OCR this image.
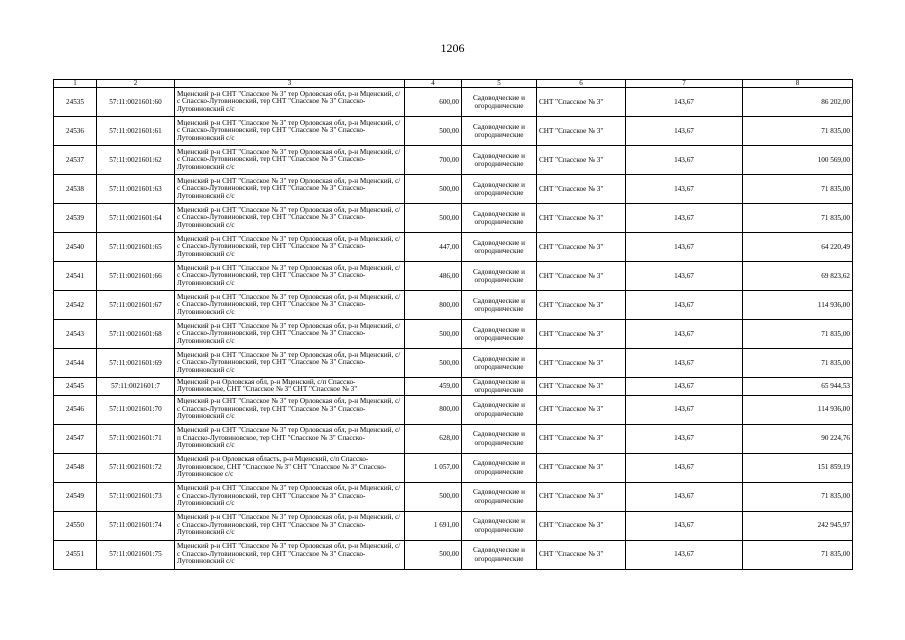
1206
1	2	3	4	5	6	7	8
24535	57:11:0021601:60	Мценский р-н СНТ "Спасское № 3" тер Орловская обл, р-н Мценский, с/с Спасско-Лутовиновский, тер СНТ "Спасское № 3" Спасско-Лутовиновский с/с	600,00	Садоводческие и огороднические	СНТ "Спасское № 3"	143,67	86 202,00
24536	57:11:0021601:61	Мценский р-н СНТ "Спасское № 3" тер Орловская обл, р-н Мценский, с/с Спасско-Лутовиновский, тер СНТ "Спасское № 3" Спасско-Лутовиновский с/с	500,00	Садоводческие и огороднические	СНТ "Спасское № 3"	143,67	71 835,00
24537	57:11:0021601:62	Мценский р-н СНТ "Спасское № 3" тер Орловская обл, р-н Мценский, с/с Спасско-Лутовиновский, тер СНТ "Спасское № 3" Спасско-Лутовиновский с/с	700,00	Садоводческие и огороднические	СНТ "Спасское № 3"	143,67	100 569,00
24538	57:11:0021601:63	Мценский р-н СНТ "Спасское № 3" тер Орловская обл, р-н Мценский, с/с Спасско-Лутовиновский, тер СНТ "Спасское № 3" Спасско-Лутовиновский с/с	500,00	Садоводческие и огороднические	СНТ "Спасское № 3"	143,67	71 835,00
24539	57:11:0021601:64	Мценский р-н СНТ "Спасское № 3" тер Орловская обл, р-н Мценский, с/с Спасско-Лутовиновский, тер СНТ "Спасское № 3" Спасско-Лутовиновский с/с	500,00	Садоводческие и огороднические	СНТ "Спасское № 3"	143,67	71 835,00
24540	57:11:0021601:65	Мценский р-н СНТ "Спасское № 3" тер Орловская обл, р-н Мценский, с/с Спасско-Лутовиновский, тер СНТ "Спасское № 3" Спасско-Лутовиновский с/с	447,00	Садоводческие и огороднические	СНТ "Спасское № 3"	143,67	64 220,49
24541	57:11:0021601:66	Мценский р-н СНТ "Спасское № 3" тер Орловская обл, р-н Мценский, с/с Спасско-Лутовиновский, тер СНТ "Спасское № 3" Спасско-Лутовиновский с/с	486,00	Садоводческие и огороднические	СНТ "Спасское № 3"	143,67	69 823,62
24542	57:11:0021601:67	Мценский р-н СНТ "Спасское № 3" тер Орловская обл, р-н Мценский, с/с Спасско-Лутовиновский, тер СНТ "Спасское № 3" Спасско-Лутовиновский с/с	800,00	Садоводческие и огороднические	СНТ "Спасское № 3"	143,67	114 936,00
24543	57:11:0021601:68	Мценский р-н СНТ "Спасское № 3" тер Орловская обл, р-н Мценский, с/с Спасско-Лутовиновский, тер СНТ "Спасское № 3" Спасско-Лутовиновский с/с	500,00	Садоводческие и огороднические	СНТ "Спасское № 3"	143,67	71 835,00
24544	57:11:0021601:69	Мценский р-н СНТ "Спасское № 3" тер Орловская обл, р-н Мценский, с/с Спасско-Лутовиновский, тер СНТ "Спасское № 3" Спасско-Лутовиновский с/с	500,00	Садоводческие и огороднические	СНТ "Спасское № 3"	143,67	71 835,00
24545	57:11:0021601:7	Мценский р-н Орловская обл, р-н Мценский, с/п Спасско-Лутовиновское, СНТ "Спасское № 3" СНТ "Спасское № 3"	459,00	Садоводческие и огороднические	СНТ "Спасское № 3"	143,67	65 944,53
24546	57:11:0021601:70	Мценский р-н СНТ "Спасское № 3" тер Орловская обл, р-н Мценский, с/с Спасско-Лутовиновский, тер СНТ "Спасское № 3" Спасско-Лутовиновский с/с	800,00	Садоводческие и огороднические	СНТ "Спасское № 3"	143,67	114 936,00
24547	57:11:0021601:71	Мценский р-н СНТ "Спасское № 3" тер Орловская обл, р-н Мценский, с/п Спасско-Лутовиновское, тер СНТ "Спасское № 3" Спасско-Лутовиновский с/с	628,00	Садоводческие и огороднические	СНТ "Спасское № 3"	143,67	90 224,76
24548	57:11:0021601:72	Мценский р-н Орловская область, р-н Мценский, с/п Спасско-Лутовиновское, СНТ "Спасское № 3" СНТ "Спасское № 3" Спасско-Лутовиновское с/с	1 057,00	Садоводческие и огороднические	СНТ "Спасское № 3"	143,67	151 859,19
24549	57:11:0021601:73	Мценский р-н СНТ "Спасское № 3" тер Орловская обл, р-н Мценский, с/с Спасско-Лутовиновский, тер СНТ "Спасское № 3" Спасско-Лутовиновский с/с	500,00	Садоводческие и огороднические	СНТ "Спасское № 3"	143,67	71 835,00
24550	57:11:0021601:74	Мценский р-н СНТ "Спасское № 3" тер Орловская обл, р-н Мценский, с/с Спасско-Лутовиновский, тер СНТ "Спасское № 3" Спасско-Лутовиновский с/с	1 691,00	Садоводческие и огороднические	СНТ "Спасское № 3"	143,67	242 945,97
24551	57:11:0021601:75	Мценский р-н СНТ "Спасское № 3" тер Орловская обл, р-н Мценский, с/с Спасско-Лутовиновский, тер СНТ "Спасское № 3" Спасско-Лутовиновский с/с	500,00	Садоводческие и огороднические	СНТ "Спасское № 3"	143,67	71 835,00
